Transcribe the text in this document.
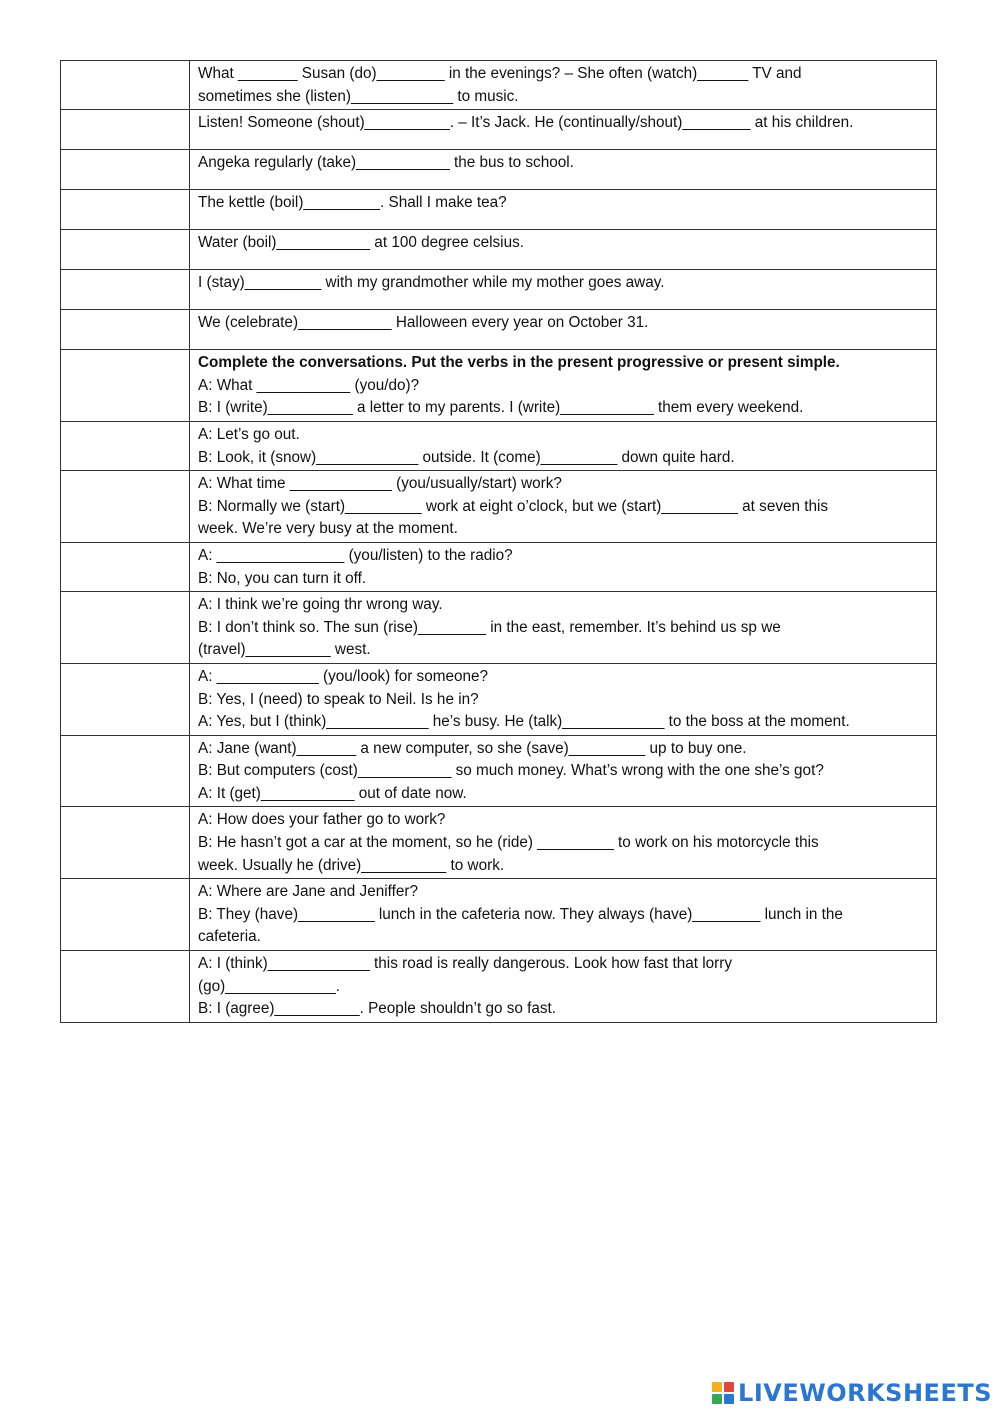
	What _______ Susan (do)________ in the evenings? – She often (watch)______ TV and
sometimes she (listen)____________ to music.

	Listen! Someone (shout)__________. – It’s Jack. He (continually/shout)________ at his children.

	Angeka regularly (take)___________ the bus to school.

	The kettle (boil)_________. Shall I make tea?

	Water (boil)___________ at 100 degree celsius.

	I (stay)_________ with my grandmother while my mother goes away.

	We (celebrate)___________ Halloween every year on October 31.

	Complete the conversations. Put the verbs in the present progressive or present simple.
A: What ___________ (you/do)?
B: I (write)__________ a letter to my parents. I (write)___________ them every weekend.

	A: Let’s go out.
B: Look, it (snow)____________ outside. It (come)_________ down quite hard.

	A: What time ____________ (you/usually/start) work?
B: Normally we (start)_________ work at eight o’clock, but we (start)_________ at seven this
week. We’re very busy at the moment.

	A: _______________ (you/listen) to the radio?
B: No, you can turn it off.

	A: I think we’re going thr wrong way.
B: I don’t think so. The sun (rise)________ in the east, remember. It’s behind us sp we
(travel)__________ west.

	A: ____________ (you/look) for someone?
B: Yes, I (need) to speak to Neil. Is he in?
A: Yes, but I (think)____________ he’s busy. He (talk)____________ to the boss at the moment.

	A: Jane (want)_______ a new computer, so she (save)_________ up to buy one.
B: But computers (cost)___________ so much money. What’s wrong with the one she’s got?
A: It (get)___________ out of date now.

	A: How does your father go to work?
B: He hasn’t got a car at the moment, so he (ride) _________ to work on his motorcycle this
week. Usually he (drive)__________ to work.

	A: Where are Jane and Jeniffer?
B: They (have)_________ lunch in the cafeteria now. They always (have)________ lunch in the
cafeteria.

	A: I (think)____________ this road is really dangerous. Look how fast that lorry
(go)_____________.
B: I (agree)__________. People shouldn’t go so fast.
LIVEWORKSHEETS
